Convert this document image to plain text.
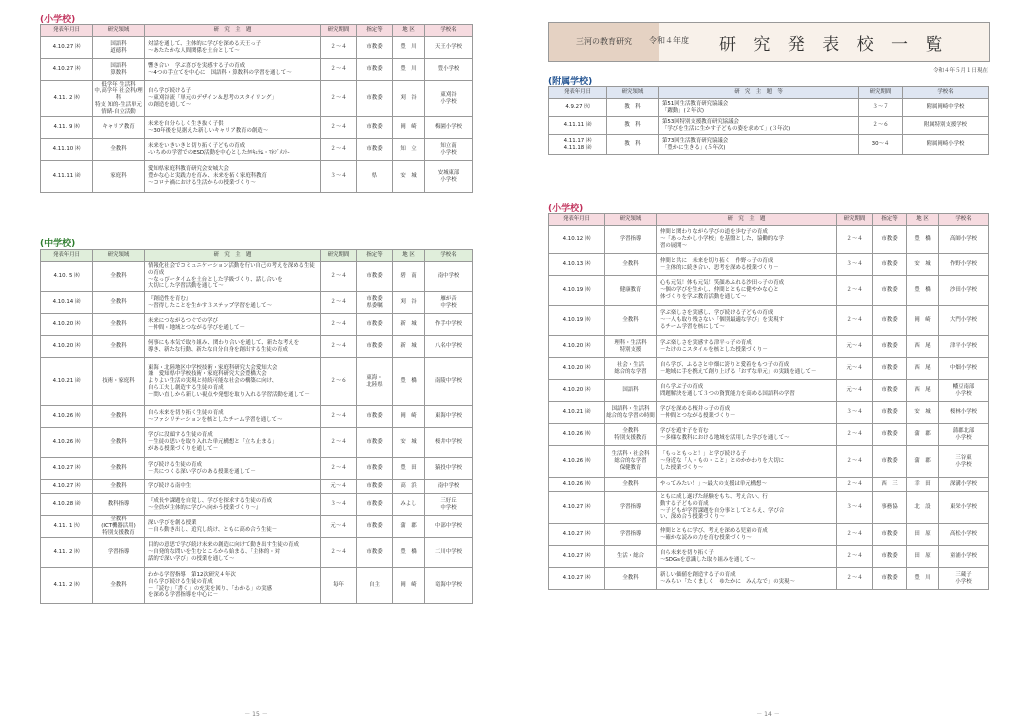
(小学校)
発表年月日	研究領域	研　究　主　題	研究期間	指定等	地 区	学校名

4.10.27 ㈭	国語科
道徳科	対話を通して、主体的に学びを深める天王っ子
～あたたかな人間関係を土台として～	２～４	市教委	豊　川	天王小学校

4.10.27 ㈭	国語科
算数科	響き合い　学ぶ喜びを実感する子の育成
～4つの手立てを中心に　国語科・算数科の学習を通して～	２～４	市教委	豊　川	豊小学校

4.11. 2 ㈬	低学年 生活科
中,高学年 社会科/理科
特支 知的-生活単元
情緒-自立活動	自ら学び続ける子
～東刈谷流「単元のデザイン＆思考のスタイリング」
の創造を通して～	２～４	市教委	刈　谷	東刈谷
小学校

4.11. 9 ㈬	キャリア教育	未来を自分らしく生き抜く子供
～30年後を見据えた新しいキャリア教育の創造～	２～４	市教委	岡　崎	梅園小学校

4.11.10 ㈭	全教科	未来をいきいきと切り拓く子どもの育成
-いちめの学習でのESD活動を中心としたｶﾘｷｭﾗﾑ・ﾏﾈｼﾞﾒﾝﾄ-	２～４	市教委	知　立	知立南
小学校

4.11.11 ㈮	家庭科	愛知県家庭科教育研究会安城大会
豊かな心と実践力を育み、未来を拓く家庭科教育
～コロナ禍における生活からの授業づくり～	３～４	県	安　城	安城東部
小学校
(中学校)
発表年月日	研究領域	研　究　主　題	研究期間	指定等	地 区	学校名

4.10. 5 ㈬	全教科	情報化社会でコミュニケーション活動を行い自己の考えを深める生徒の育成
～なっぴータイムを土台とした学級づくり、話し合いを
大切にした学習活動を通して～	２～４	市教委	碧　南	南中学校

4.10.14 ㈮	全教科	『創造性を育む』
～習得したことを生かす３ステップ学習を通して～	２～４	市教委
県委嘱	刈　谷	雁が音
中学校

4.10.20 ㈭	全教科	未来につながるつぐでの学び
－仲間・地域とつながる学びを通して－	２～４	市教委	新　城	作手中学校

4.10.20 ㈭	全教科	何事にも本気で取り組み、関わり合いを通して、新たな考えを
導き、新たな行動、新たな自分自身を創出する生徒の育成	２～４	市教委	新　城	八名中学校

4.10.21 ㈮	技術・家庭科	東海・北陸地区中学校技術・家庭科研究大会愛知大会
兼　愛知県中学校技術・家庭科研究大会豊橋大会
よりよい生活の実現と持続可能な社会の構築に向け、
自ら工夫し創造する生徒の育成
－問い直しから新しい視点や発想を取り入れる学習活動を通して－	２～６	東海・
北陸県	豊　橋	南陵中学校

4.10.26 ㈬	全教科	自ら未来を切り拓く生徒の育成
～ファシリテーションを核としたチーム学習を通して～	２～４	市教委	岡　崎	東海中学校

4.10.26 ㈬	全教科	学びに没頭する生徒の育成
－生徒の思いを取り入れた単元構想と「立ち止まる」
がある授業づくりを通して－	２～４	市教委	安　城	桜井中学校

4.10.27 ㈭	全教科	学び続ける生徒の育成
－共につくる深い学びのある授業を通して－	２～４	市教委	豊　田	猿投中学校

4.10.27 ㈭	全教科	学び続ける南中生	元～４	市教委	高　浜	南中学校

4.10.28 ㈮	教科指導	『成長や課題を自覚し、学びを探求する生徒の育成
～全員が主体的に学びへ向かう授業づくり～』	３～４	市教委	みよし	三好丘
中学校

4.11. 1 ㈫	全教科
(ICT機器活用)
特別支援教育	深い学びを創る授業
－自ら動き出し、追究し続け、ともに高め合う生徒－	元～４	市教委	蒲　郡	中部中学校

4.11. 2 ㈬	学習指導	目的の意思で学び続け未来の創造に向けて動き出す生徒の育成
～自発的な問いを生むところから始まる、「主体的・対
話的で深い学び」の授業を通して～	２～４	市教委	豊　橋	二川中学校

4.11. 2 ㈬	全教科	わかる学習指導　第12次研究４年次
自ら学び続ける生徒の育成
－「読む」「書く」の充実を図り、「わかる」の実感
を深める学習指導を中心に－	毎年	自主	岡　崎	竜海中学校
－ 15 －
三河の教育研究	令和４年度 研 究 発 表 校 一 覧
令和４年５月１日現在
(附属学校)
発表年月日	研究領域	研　究　主　題　等	研究期間	学校名

4.9.27 ㈫	教　科	第51回生活教育研究協議会
「躍動」(２年次)	３～７	附属岡崎中学校

4.11.11 ㈮	教　科	第53回特別支援教育研究協議会
「学びを生活に生かす子どもの姿を求めて」(３年次)	２～６	附属特別支援学校

4.11.17 ㈭
4.11.18 ㈮	教　科	第73回生活教育研究協議会
「豊かに生きる」(５年次)	30～４	附属岡崎小学校
(小学校)
発表年月日	研究領域	研　究　主　題	研究期間	指定等	地 区	学校名

4.10.12 ㈬	学習指導	仲間と関わりながら学びの道を歩む子の育成
～「あったかし小学校」を基盤とした，協働的な学
習の展開～	２～４	市教委	豊　橋	高師小学校

4.10.13 ㈭	全教科	仲間と共に　未来を切り拓く　作野っ子の育成
－主体的に続き合い、思考を深める授業づくり－	３～４	市教委	安　城	作野小学校

4.10.19 ㈬	健康教育	心も元気！体も元気！笑顔あふれる沙田っ子の育成
～個の学びを生かし、仲間とともに健やかな心と
体づくりを学ぶ教育活動を通して～	２～４	市教委	豊　橋	沙田小学校

4.10.19 ㈬	全教科	学ぶ楽しさを実感し、学び続ける子どもの育成
～一人も取り残さない「個別最適な学び」を実現す
るチーム学習を核にして～	２～４	市教委	岡　崎	大門小学校

4.10.20 ㈭	理科・生活科
特別支援	学ぶ楽しさを実感する津平っ子の育成
－たけのこスタイルを核とした授業づくり－	元～４	市教委	西　尾	津平小学校

4.10.20 ㈭	社会・生活
総合的な学習	自ら学び、ふるさと中畑に誇りと愛着をもつ子の育成
－地域に手を携えて創り上げる「おずな単元」の実践を通して－	元～４	市教委	西　尾	中畑小学校

4.10.20 ㈭	国語科	自ら学ぶ子の育成
問題解決を通して３つの資質能力を高める国語科の学習	元～４	市教委	西　尾	幡豆南部
小学校

4.10.21 ㈮	国語科・生活科
総合的な学習の時間	学びを深める桜井っ子の育成
－仲間とつながる授業づくり－	３～４	市教委	安　城	桜林小学校

4.10.26 ㈬	全教科
特別支援教育	学びを遊す子を育む
～多様な教科における地域を活用した学びを通して～	２～４	市教委	蒲　郡	蒲郡北部
小学校

4.10.26 ㈬	生活科・社会科
総合的な学習
保健教育	「もっともっと！」と学び続ける子
～身近な「人・もの・こと」とのかかわりを大切に
した授業づくり～	２～４	市教委	蒲　郡	三谷東
小学校

4.10.26 ㈬	全教科	やってみたい！｣ ～最大の支援は単元構想～	２～４	西　三	幸　田	深溝小学校

4.10.27 ㈭	学習指導	ともに成し遂げた経験をもち、考え合い、行
動する子どもの育成
～子どもが学習課題を自分事としてとらえ、学び合
い、深め合う授業づくり～	３～４	事務協	北　設	東栄小学校

4.10.27 ㈭	学習指導	仲間とともに学び、考えを深める児童の育成
～確かな読みの力を育む授業づくり～	２～４	市教委	田　原	高松小学校

4.10.27 ㈭	生活・総合	自ら未来を切り拓く子
～SDGsを意識した取り組みを通して～	２～４	市教委	田　原	童浦小学校

4.10.27 ㈭	全教科	新しい価値を創造する子の育成
～みらい「たくましく　ゆたかに　みんなで」の実現～	２～４	市教委	豊　川	三蔵子
小学校
－ 14 －
